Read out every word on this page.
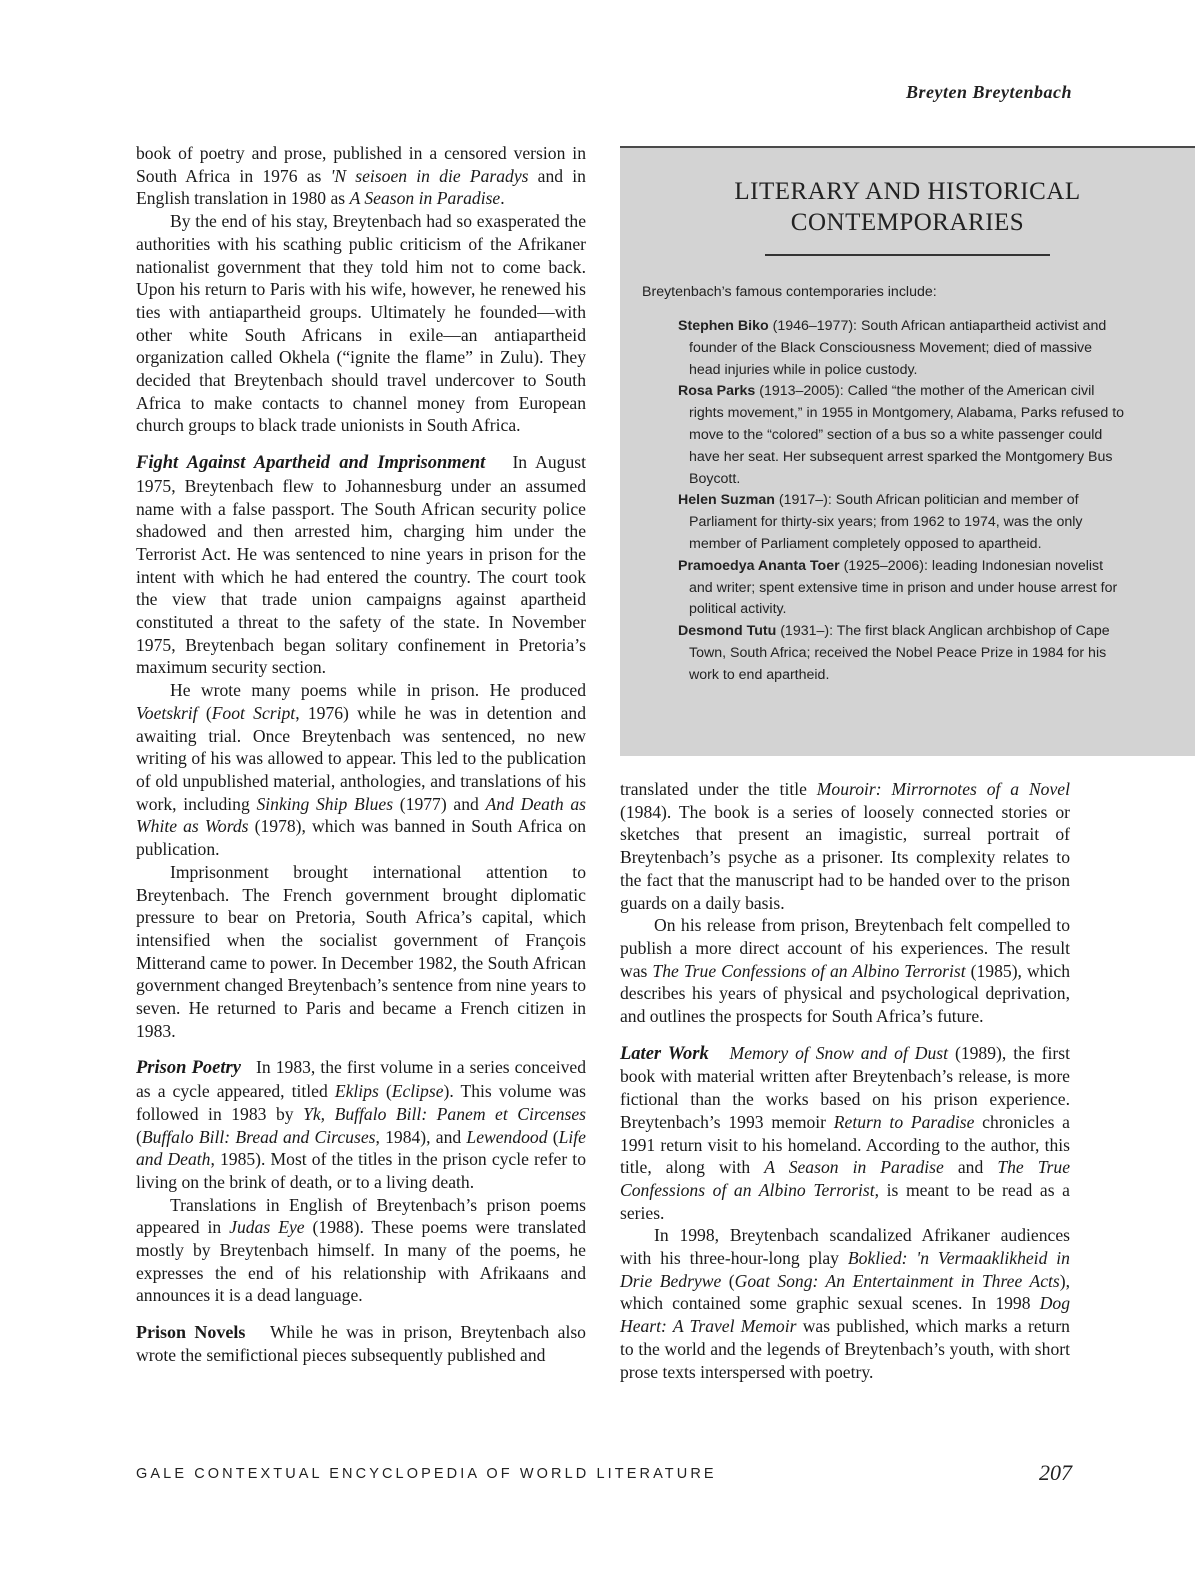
Breyten Breytenbach

book of poetry and prose, published in a censored version in South Africa in 1976 as 'N seisoen in die Paradys and in English translation in 1980 as A Season in Paradise.

By the end of his stay, Breytenbach had so exasperated the authorities with his scathing public criticism of the Afrikaner nationalist government that they told him not to come back. Upon his return to Paris with his wife, however, he renewed his ties with antiapartheid groups. Ultimately he founded—with other white South Africans in exile—an antiapartheid organization called Okhela (“ignite the flame” in Zulu). They decided that Breytenbach should travel undercover to South Africa to make contacts to channel money from European church groups to black trade unionists in South Africa.

Fight Against Apartheid and Imprisonment In August 1975, Breytenbach flew to Johannesburg under an assumed name with a false passport. The South African security police shadowed and then arrested him, charging him under the Terrorist Act. He was sentenced to nine years in prison for the intent with which he had entered the country. The court took the view that trade union campaigns against apartheid constituted a threat to the safety of the state. In November 1975, Breytenbach began solitary confinement in Pretoria’s maximum security section.

He wrote many poems while in prison. He produced Voetskrif (Foot Script, 1976) while he was in detention and awaiting trial. Once Breytenbach was sentenced, no new writing of his was allowed to appear. This led to the publication of old unpublished material, anthologies, and translations of his work, including Sinking Ship Blues (1977) and And Death as White as Words (1978), which was banned in South Africa on publication.

Imprisonment brought international attention to Breytenbach. The French government brought diplomatic pressure to bear on Pretoria, South Africa’s capital, which intensified when the socialist government of François Mitterand came to power. In December 1982, the South African government changed Breytenbach’s sentence from nine years to seven. He returned to Paris and became a French citizen in 1983.

Prison Poetry In 1983, the first volume in a series conceived as a cycle appeared, titled Eklips (Eclipse). This volume was followed in 1983 by Yk, Buffalo Bill: Panem et Circenses (Buffalo Bill: Bread and Circuses, 1984), and Lewendood (Life and Death, 1985). Most of the titles in the prison cycle refer to living on the brink of death, or to a living death.

Translations in English of Breytenbach’s prison poems appeared in Judas Eye (1988). These poems were translated mostly by Breytenbach himself. In many of the poems, he expresses the end of his relationship with Afrikaans and announces it is a dead language.

Prison Novels While he was in prison, Breytenbach also wrote the semifictional pieces subsequently published and

LITERARY AND HISTORICAL CONTEMPORARIES
Breytenbach’s famous contemporaries include:
Stephen Biko (1946–1977): South African antiapartheid activist and founder of the Black Consciousness Movement; died of massive head injuries while in police custody.
Rosa Parks (1913–2005): Called “the mother of the American civil rights movement,” in 1955 in Montgomery, Alabama, Parks refused to move to the “colored” section of a bus so a white passenger could have her seat. Her subsequent arrest sparked the Montgomery Bus Boycott.
Helen Suzman (1917–): South African politician and member of Parliament for thirty-six years; from 1962 to 1974, was the only member of Parliament completely opposed to apartheid.
Pramoedya Ananta Toer (1925–2006): leading Indonesian novelist and writer; spent extensive time in prison and under house arrest for political activity.
Desmond Tutu (1931–): The first black Anglican archbishop of Cape Town, South Africa; received the Nobel Peace Prize in 1984 for his work to end apartheid.

translated under the title Mouroir: Mirrornotes of a Novel (1984). The book is a series of loosely connected stories or sketches that present an imagistic, surreal portrait of Breytenbach’s psyche as a prisoner. Its complexity relates to the fact that the manuscript had to be handed over to the prison guards on a daily basis.

On his release from prison, Breytenbach felt compelled to publish a more direct account of his experiences. The result was The True Confessions of an Albino Terrorist (1985), which describes his years of physical and psychological deprivation, and outlines the prospects for South Africa’s future.

Later Work Memory of Snow and of Dust (1989), the first book with material written after Breytenbach’s release, is more fictional than the works based on his prison experience. Breytenbach’s 1993 memoir Return to Paradise chronicles a 1991 return visit to his homeland. According to the author, this title, along with A Season in Paradise and The True Confessions of an Albino Terrorist, is meant to be read as a series.

In 1998, Breytenbach scandalized Afrikaner audiences with his three-hour-long play Boklied: 'n Vermaaklikheid in Drie Bedrywe (Goat Song: An Entertainment in Three Acts), which contained some graphic sexual scenes. In 1998 Dog Heart: A Travel Memoir was published, which marks a return to the world and the legends of Breytenbach’s youth, with short prose texts interspersed with poetry.

GALE CONTEXTUAL ENCYCLOPEDIA OF WORLD LITERATURE	207
